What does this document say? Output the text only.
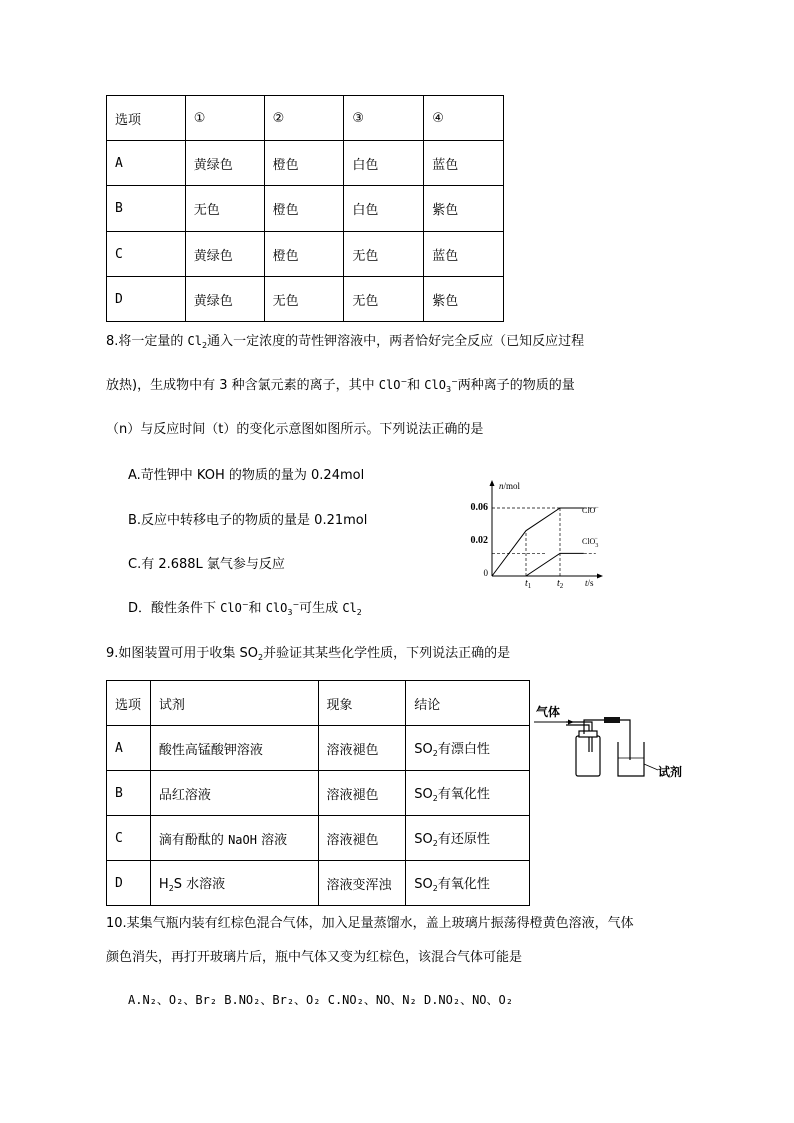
选项	①	②	③	④
A	黄绿色	橙色	白色	蓝色
B	无色	橙色	白色	紫色
C	黄绿色	橙色	无色	蓝色
D	黄绿色	无色	无色	紫色
8.将一定量的 $Cl_2$通入一定浓度的苛性钾溶液中，两者恰好完全反应（已知反应过程
放热)，生成物中有 3 种含氯元素的离子，其中 ClO−和 ClO$_3$−两种离子的物质的量
（n）与反应时间（t）的变化示意图如图所示。下列说法正确的是
A.苛性钾中 KOH 的物质的量为 0.24mol
B.反应中转移电子的物质的量是 0.21mol
C.有 2.688L 氯气参与反应
D．酸性条件下 ClO−和 ClO$_3$−可生成 $Cl_2$
n/mol
0.06
0.02
0
$t_1$	$t_2$ t/s
ClO−
ClO$_3$−
9.如图装置可用于收集 $SO_2$并验证其某些化学性质，下列说法正确的是
选项	试剂	现象	结论
A	酸性高锰酸钾溶液	溶液褪色	$SO_2$有漂白性
B	品红溶液	溶液褪色	$SO_2$有氧化性
C	滴有酚酞的 NaOH 溶液	溶液褪色	$SO_2$有还原性
D	$H_2S$ 水溶液	溶液变浑浊	$SO_2$有氧化性
气体
试剂
10.某集气瓶内装有红棕色混合气体，加入足量蒸馏水，盖上玻璃片振荡得橙黄色溶液，气体
颜色消失，再打开玻璃片后，瓶中气体又变为红棕色，该混合气体可能是
A.N₂、O₂、Br₂ B.NO₂、Br₂、O₂ C.NO₂、NO、N₂ D.NO₂、NO、O₂
